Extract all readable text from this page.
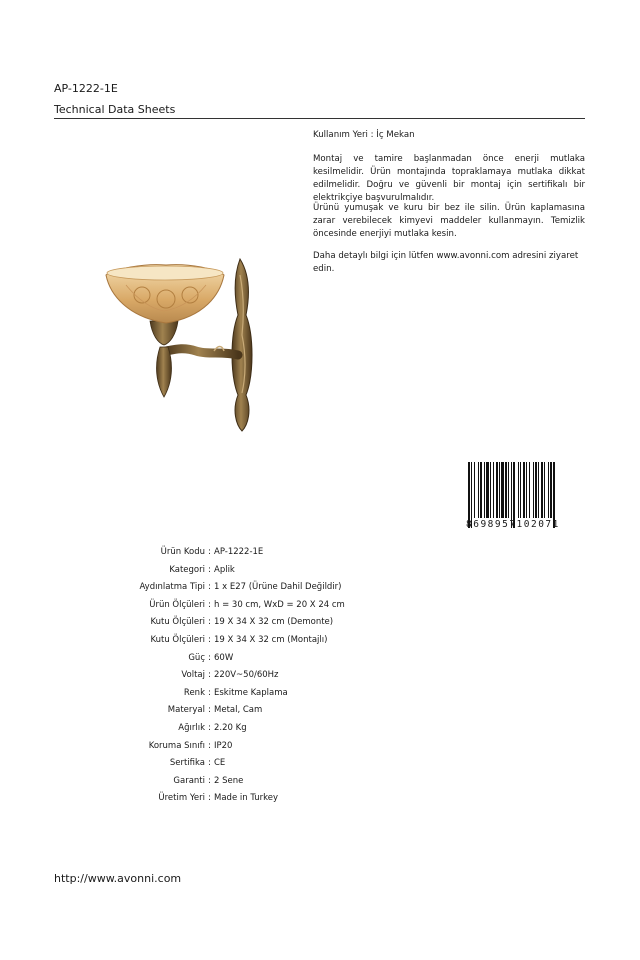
AP-1222-1E
Technical Data Sheets
Kullanım Yeri : İç Mekan
Montaj ve tamire başlanmadan önce enerji mutlaka kesilmelidir. Ürün montajında topraklamaya mutlaka dikkat edilmelidir. Doğru ve güvenli bir montaj için sertifikalı bir elektrikçiye başvurulmalıdır.
Ürünü yumuşak ve kuru bir bez ile silin. Ürün kaplamasına zarar verebilecek kimyevi maddeler kullanmayın. Temizlik öncesinde enerjiyi mutlaka kesin.
Daha detaylı bilgi için lütfen www.avonni.com adresini ziyaret edin.
8698957102071
Ürün Kodu : AP-1222-1E
Kategori : Aplik
Aydınlatma Tipi : 1 x E27 (Ürüne Dahil Değildir)
Ürün Ölçüleri : h = 30 cm, WxD = 20 X 24 cm
Kutu Ölçüleri : 19 X 34 X 32 cm (Demonte)
Kutu Ölçüleri : 19 X 34 X 32 cm (Montajlı)
Güç : 60W
Voltaj : 220V~50/60Hz
Renk : Eskitme Kaplama
Materyal : Metal, Cam
Ağırlık : 2.20 Kg
Koruma Sınıfı : IP20
Sertifika : CE
Garanti : 2 Sene
Üretim Yeri : Made in Turkey
http://www.avonni.com
